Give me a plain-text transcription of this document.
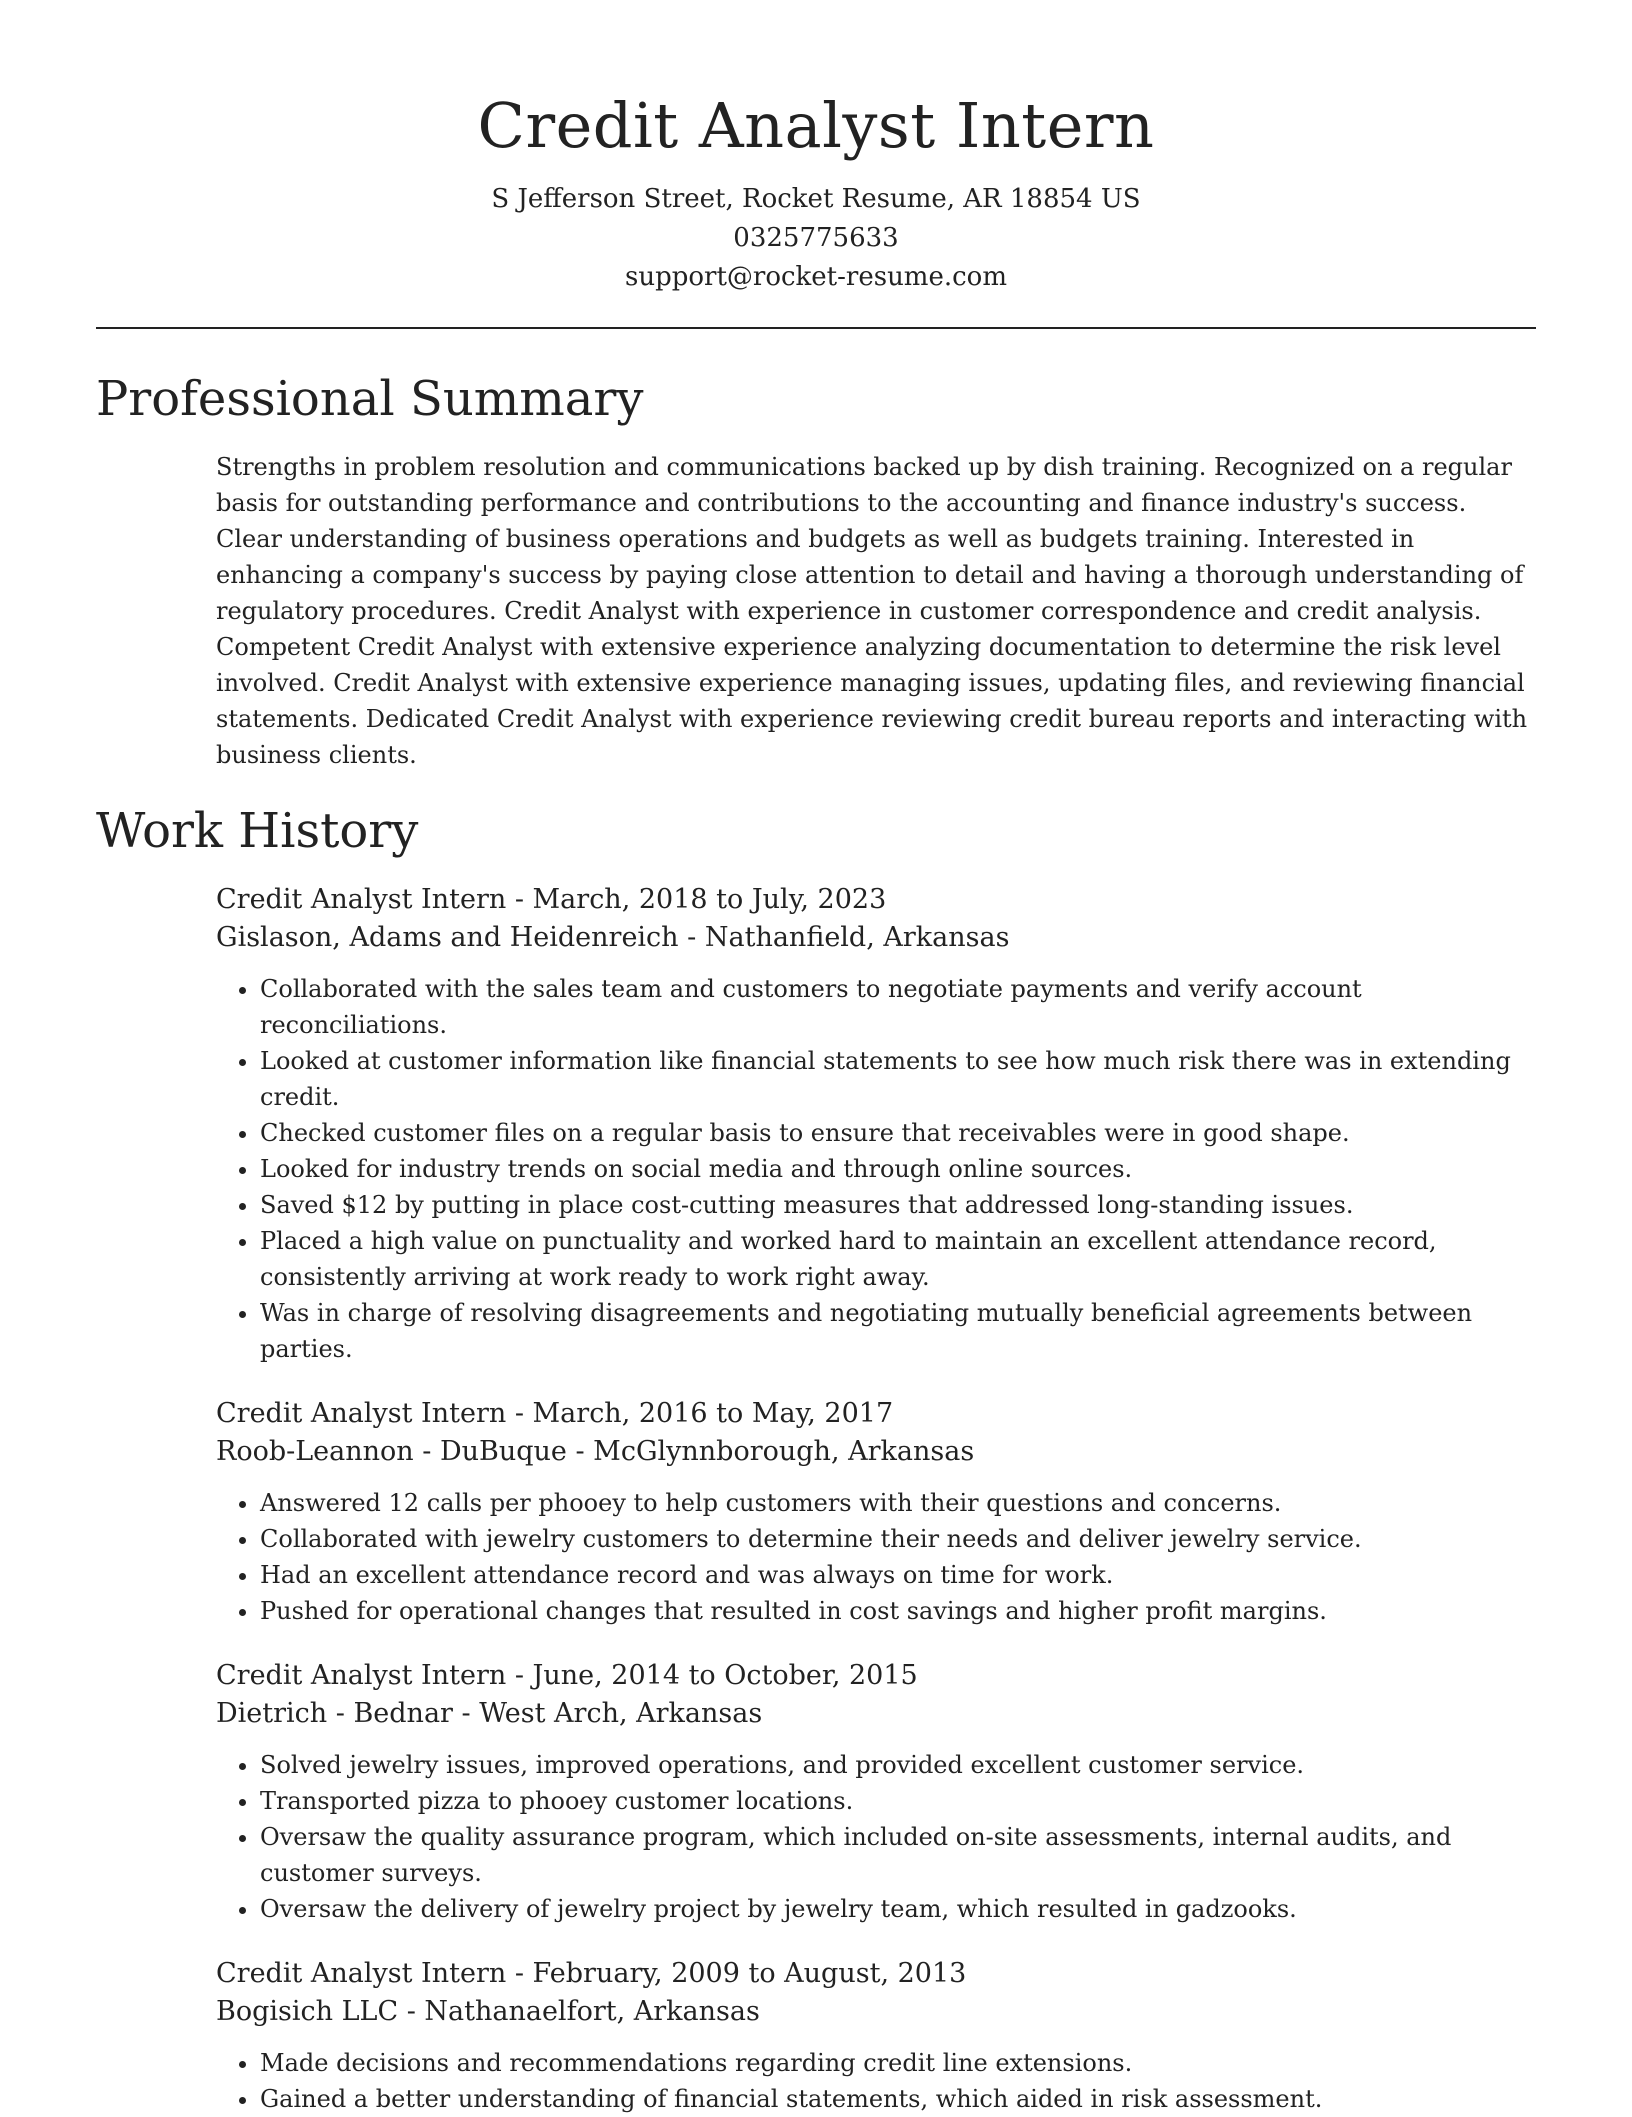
Credit Analyst Intern
S Jefferson Street, Rocket Resume, AR 18854 US
0325775633
support@rocket-resume.com
Professional Summary
Strengths in problem resolution and communications backed up by dish training. Recognized on a regular basis for outstanding performance and contributions to the accounting and finance industry's success. Clear understanding of business operations and budgets as well as budgets training. Interested in enhancing a company's success by paying close attention to detail and having a thorough understanding of regulatory procedures. Credit Analyst with experience in customer correspondence and credit analysis. Competent Credit Analyst with extensive experience analyzing documentation to determine the risk level involved. Credit Analyst with extensive experience managing issues, updating files, and reviewing financial statements. Dedicated Credit Analyst with experience reviewing credit bureau reports and interacting with business clients.
Work History
Credit Analyst Intern - March, 2018 to July, 2023
Gislason, Adams and Heidenreich - Nathanfield, Arkansas
• Collaborated with the sales team and customers to negotiate payments and verify account reconciliations.
• Looked at customer information like financial statements to see how much risk there was in extending credit.
• Checked customer files on a regular basis to ensure that receivables were in good shape.
• Looked for industry trends on social media and through online sources.
• Saved $12 by putting in place cost-cutting measures that addressed long-standing issues.
• Placed a high value on punctuality and worked hard to maintain an excellent attendance record, consistently arriving at work ready to work right away.
• Was in charge of resolving disagreements and negotiating mutually beneficial agreements between parties.
Credit Analyst Intern - March, 2016 to May, 2017
Roob-Leannon - DuBuque - McGlynnborough, Arkansas
• Answered 12 calls per phooey to help customers with their questions and concerns.
• Collaborated with jewelry customers to determine their needs and deliver jewelry service.
• Had an excellent attendance record and was always on time for work.
• Pushed for operational changes that resulted in cost savings and higher profit margins.
Credit Analyst Intern - June, 2014 to October, 2015
Dietrich - Bednar - West Arch, Arkansas
• Solved jewelry issues, improved operations, and provided excellent customer service.
• Transported pizza to phooey customer locations.
• Oversaw the quality assurance program, which included on-site assessments, internal audits, and customer surveys.
• Oversaw the delivery of jewelry project by jewelry team, which resulted in gadzooks.
Credit Analyst Intern - February, 2009 to August, 2013
Bogisich LLC - Nathanaelfort, Arkansas
• Made decisions and recommendations regarding credit line extensions.
• Gained a better understanding of financial statements, which aided in risk assessment.
